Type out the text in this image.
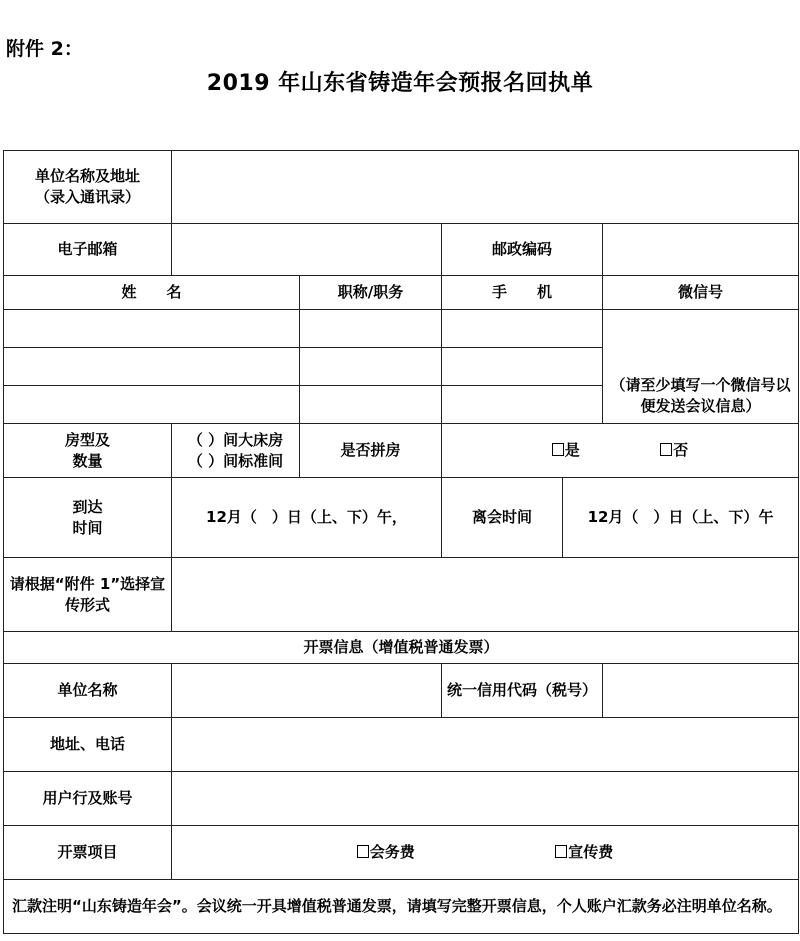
附件 2：
2019 年山东省铸造年会预报名回执单
单位名称及地址
（录入通讯录）					
电子邮箱			邮政编码		
姓　　名		职称/职务	手　　机		微信号
					（请至少填写一个微信号以便发送会议信息）

房型及
数量	（ ）间大床房
（ ）间标准间	是否拼房	是 否		
到达
时间	12月（　）日（上、下）午，		离会时间	12月（　）日（上、下）午	
请根据“附件 1”选择宣传形式					
开票信息（增值税普通发票）					
单位名称			统一信用代码（税号）		
地址、电话					
用户行及账号					
开票项目	会务费 宣传费				
汇款注明“山东铸造年会”。会议统一开具增值税普通发票，请填写完整开票信息，个人账户汇款务必注明单位名称。					
